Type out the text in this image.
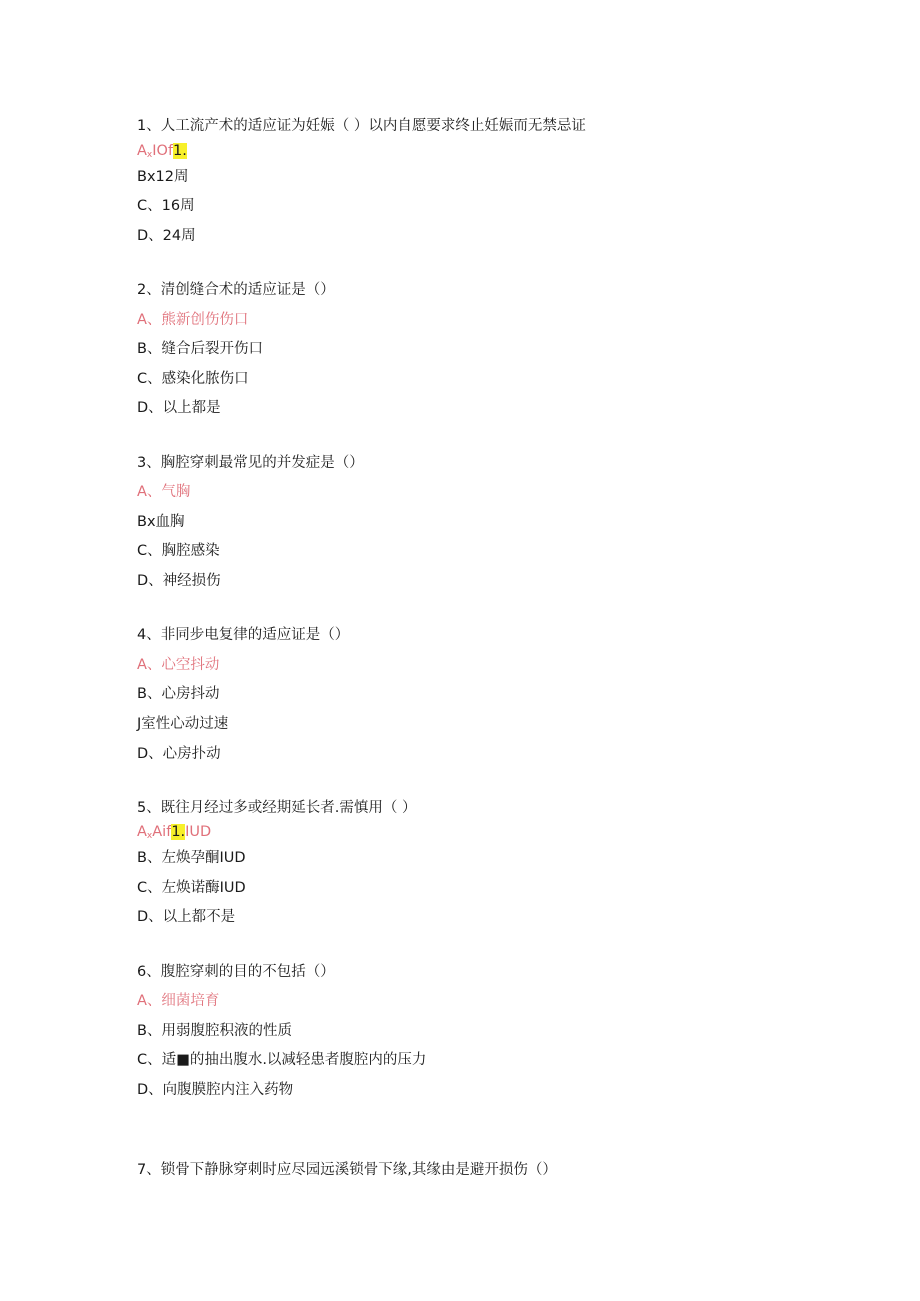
1、人工流产术的适应证为妊娠（ ）以内自愿要求终止妊娠而无禁忌证
$A_xIOf1$.
Bx12周
C、16周
D、24周
2、清创缝合术的适应证是（）
A、熊新创伤伤口
B、缝合后裂开伤口
C、感染化脓伤口
D、以上都是
3、胸腔穿刺最常见的并发症是（）
A、气胸
Bx血胸
C、胸腔感染
D、神经损伤
4、非同步电复律的适应证是（）
A、心空抖动
B、心房抖动
J室性心动过速
D、心房扑动
5、既往月经过多或经期延长者.需慎用（ ）
$A_xAif1.IUD$
B、左焕孕酮IUD
C、左焕诺酶IUD
D、以上都不是
6、腹腔穿刺的目的不包括（）
A、细菌培育
B、用弱腹腔积液的性质
C、适■的抽出腹水.以减轻患者腹腔内的压力
D、向腹膜腔内注入药物
7、锁骨下静脉穿刺时应尽园远溪锁骨下缘,其缘由是避开损伤（）
